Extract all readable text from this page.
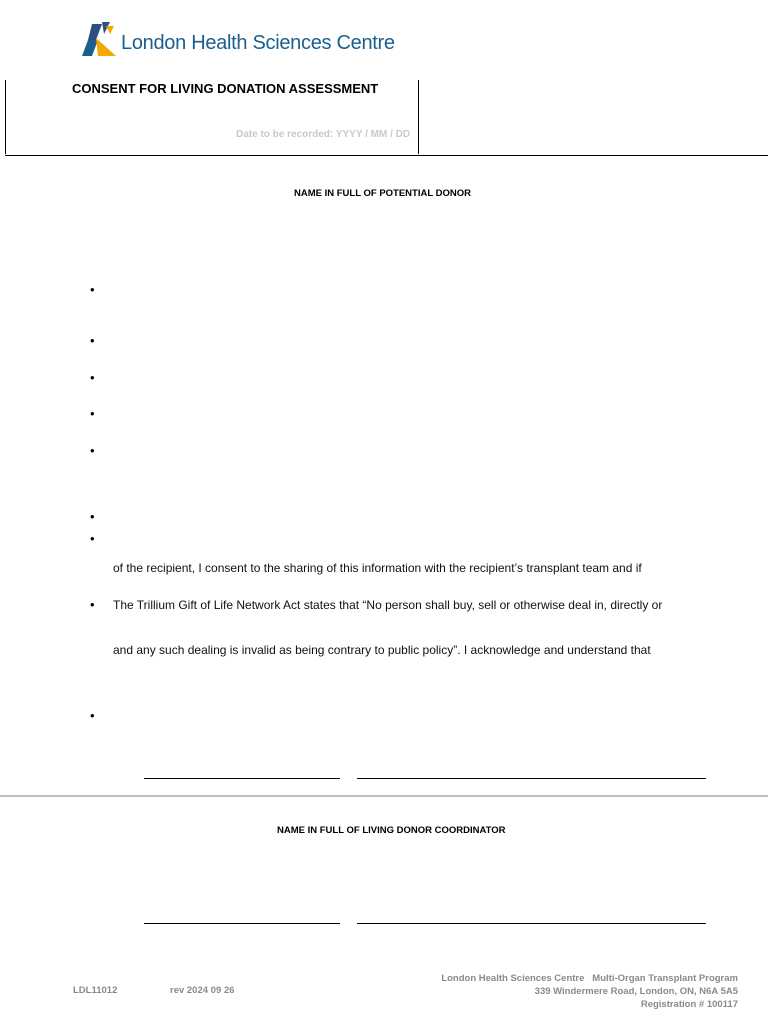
London Health Sciences Centre
CONSENT FOR LIVING DONATION ASSESSMENT
Date to be recorded: YYYY / MM / DD
NAME IN FULL OF POTENTIAL DONOR
•
•
•
•
•
•
•
of the recipient, I consent to the sharing of this information with the recipient’s transplant team and if
• The Trillium Gift of Life Network Act states that “No person shall buy, sell or otherwise deal in, directly or
and any such dealing is invalid as being contrary to public policy”. I acknowledge and understand that
•
NAME IN FULL OF LIVING DONOR COORDINATOR
LDL11012	rev 2024 09 26
London Health Sciences Centre   Multi-Organ Transplant Program
339 Windermere Road, London, ON, N6A 5A5
Registration # 100117
